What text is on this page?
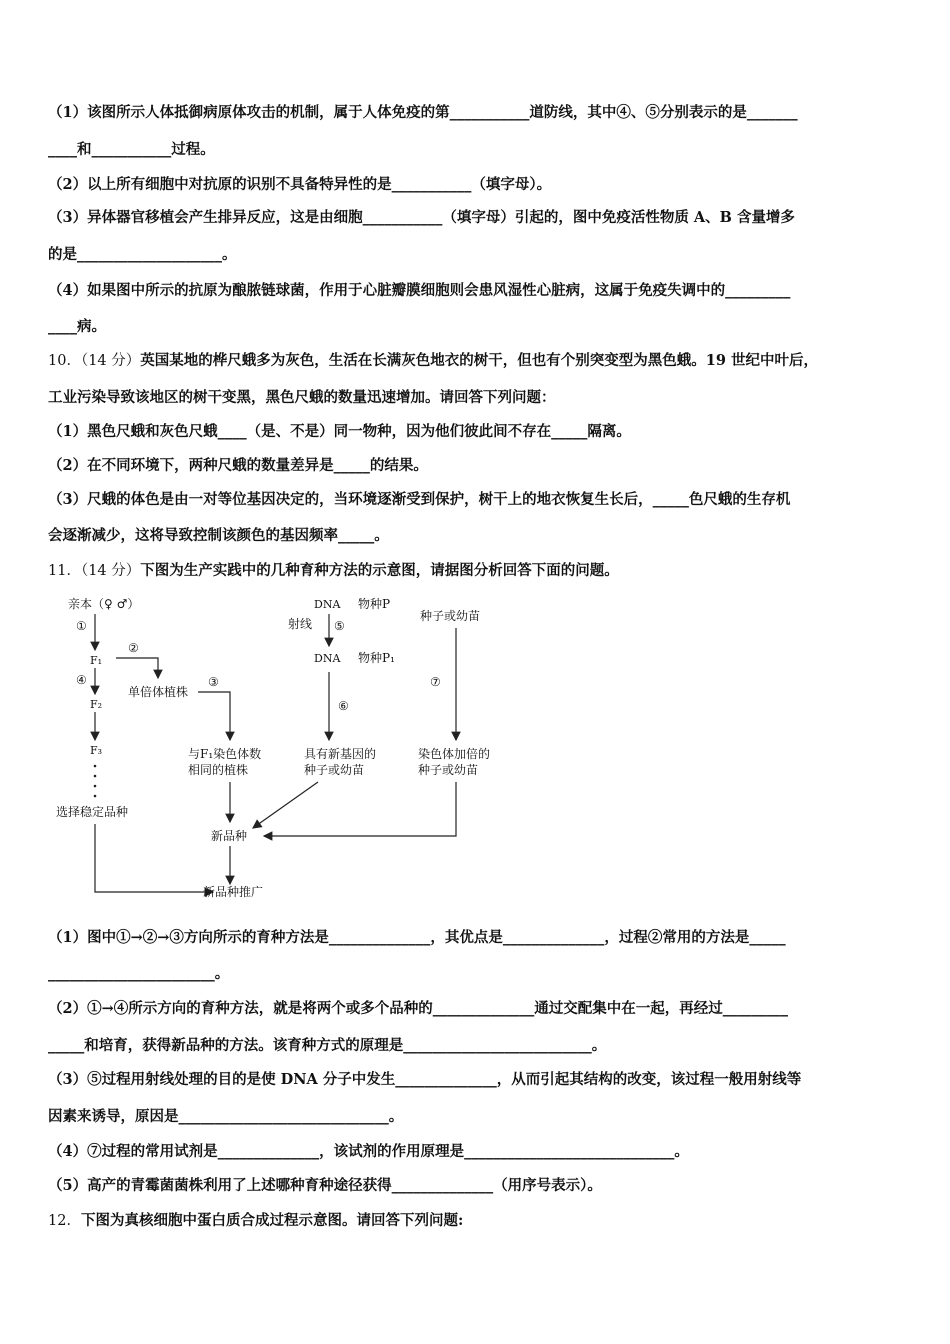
（1）该图所示人体抵御病原体攻击的机制，属于人体免疫的第___________道防线，其中④、⑤分别表示的是_______
____和___________过程。
（2）以上所有细胞中对抗原的识别不具备特异性的是___________（填字母）。
（3）异体器官移植会产生排异反应，这是由细胞___________（填字母）引起的，图中免疫活性物质 A、B 含量增多
的是____________________。
（4）如果图中所示的抗原为酿脓链球菌，作用于心脏瓣膜细胞则会患风湿性心脏病，这属于免疫失调中的_________
____病。
10．（14 分）英国某地的桦尺蛾多为灰色，生活在长满灰色地衣的树干，但也有个别突变型为黑色蛾。19 世纪中叶后，
工业污染导致该地区的树干变黑，黑色尺蛾的数量迅速增加。请回答下列问题：
（1）黑色尺蛾和灰色尺蛾____（是、不是）同一物种，因为他们彼此间不存在_____隔离。
（2）在不同环境下，两种尺蛾的数量差异是_____的结果。
（3）尺蛾的体色是由一对等位基因决定的，当环境逐渐受到保护，树干上的地衣恢复生长后，_____色尺蛾的生存机
会逐渐减少，这将导致控制该颜色的基因频率_____。
11．（14 分）下图为生产实践中的几种育种方法的示意图，请据图分析回答下面的问题。
亲本（♀ ♂）
①
F₁
④
F₂
F₃
选择稳定品种
②
单倍体植株
③
与F₁染色体数
相同的植株
新品种
新品种推广
DNA 物种P
射线 ⑤
DNA 物种P₁
⑥
具有新基因的
种子或幼苗
种子或幼苗
⑦
染色体加倍的
种子或幼苗
（1）图中①→②→③方向所示的育种方法是______________，其优点是______________，过程②常用的方法是_____
_______________________。
（2）①→④所示方向的育种方法，就是将两个或多个品种的______________通过交配集中在一起，再经过_________
_____和培育，获得新品种的方法。该育种方式的原理是__________________________。
（3）⑤过程用射线处理的目的是使 DNA 分子中发生______________，从而引起其结构的改变，该过程一般用射线等
因素来诱导，原因是_____________________________。
（4）⑦过程的常用试剂是______________，该试剂的作用原理是_____________________________。
（5）高产的青霉菌菌株利用了上述哪种育种途径获得______________（用序号表示）。
12．下图为真核细胞中蛋白质合成过程示意图。请回答下列问题:
